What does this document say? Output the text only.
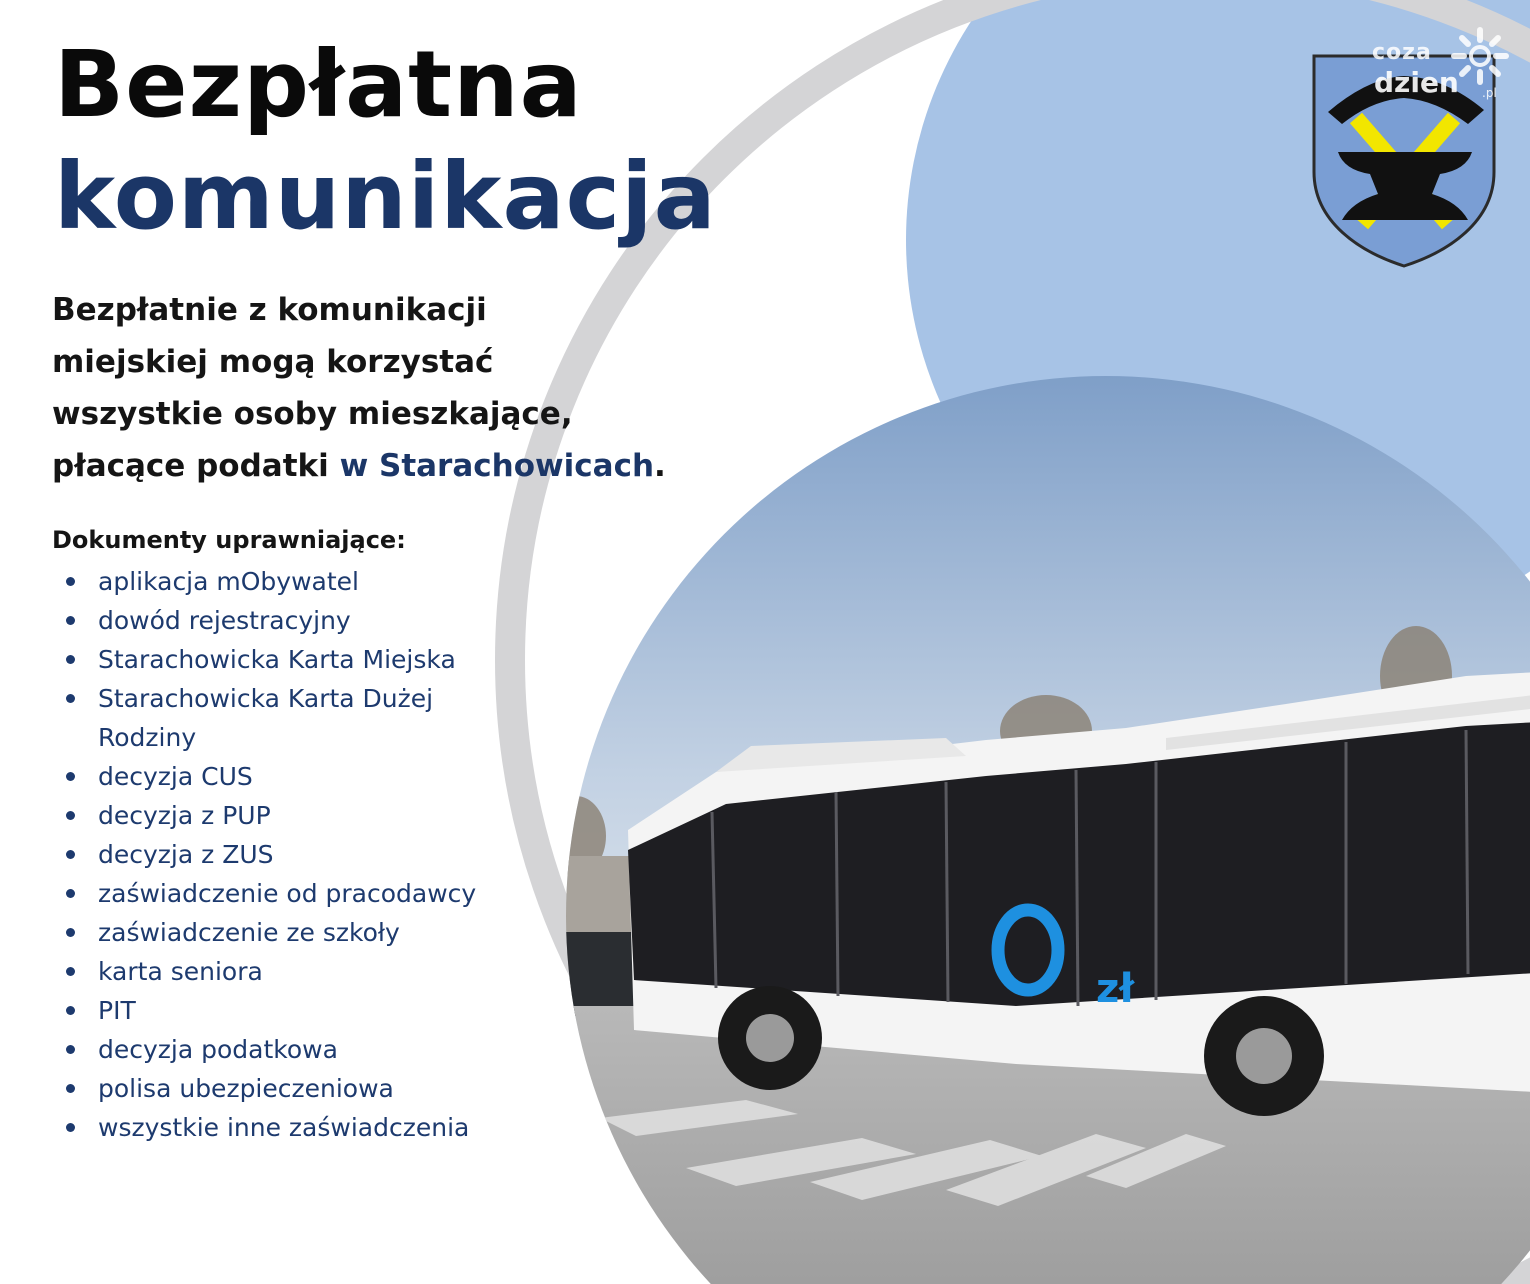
zł
Bezpłatna
komunikacja

Bezpłatnie z komunikacji
miejskiej mogą korzystać
wszystkie osoby mieszkające,
płacące podatki w Starachowicach.

Dokumenty uprawniające:
aplikacja mObywatel
dowód rejestracyjny
Starachowicka Karta Miejska
Starachowicka Karta Dużej Rodziny
decyzja CUS
decyzja z PUP
decyzja z ZUS
zaświadczenie od pracodawcy
zaświadczenie ze szkoły
karta seniora
PIT
decyzja podatkowa
polisa ubezpieczeniowa
wszystkie inne zaświadczenia
coza
dzien .pl
